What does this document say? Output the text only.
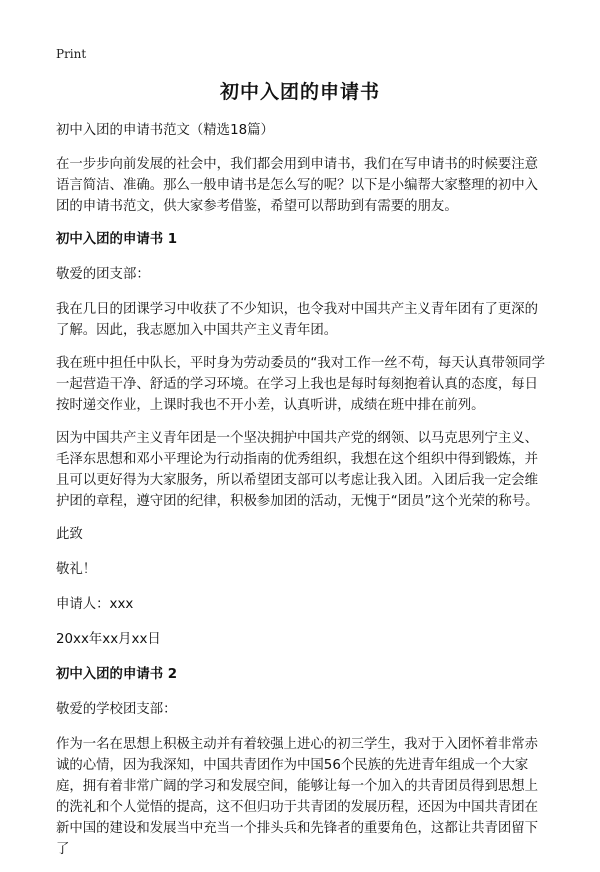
Print
初中入团的申请书

初中入团的申请书范文（精选18篇）

在一步步向前发展的社会中，我们都会用到申请书，我们在写申请书的时候要注意语言简洁、准确。那么一般申请书是怎么写的呢？以下是小编帮大家整理的初中入团的申请书范文，供大家参考借鉴，希望可以帮助到有需要的朋友。

初中入团的申请书 1

敬爱的团支部：

我在几日的团课学习中收获了不少知识，也令我对中国共产主义青年团有了更深的了解。因此，我志愿加入中国共产主义青年团。

我在班中担任中队长，平时身为劳动委员的“我对工作一丝不苟，每天认真带领同学一起营造干净、舒适的学习环境。在学习上我也是每时每刻抱着认真的态度，每日按时递交作业，上课时我也不开小差，认真听讲，成绩在班中排在前列。

因为中国共产主义青年团是一个坚决拥护中国共产党的纲领、以马克思列宁主义、毛泽东思想和邓小平理论为行动指南的优秀组织，我想在这个组织中得到锻炼，并且可以更好得为大家服务，所以希望团支部可以考虑让我入团。入团后我一定会维护团的章程，遵守团的纪律，积极参加团的活动，无愧于“团员”这个光荣的称号。

此致

敬礼！

申请人：xxx

20xx年xx月xx日

初中入团的申请书 2

敬爱的学校团支部：

作为一名在思想上积极主动并有着较强上进心的初三学生，我对于入团怀着非常赤诚的心情，因为我深知，中国共青团作为中国56个民族的先进青年组成一个大家庭，拥有着非常广阔的学习和发展空间，能够让每一个加入的共青团员得到思想上的洗礼和个人觉悟的提高，这不但归功于共青团的发展历程，还因为中国共青团在新中国的建设和发展当中充当一个排头兵和先锋者的重要角色，这都让共青团留下了
